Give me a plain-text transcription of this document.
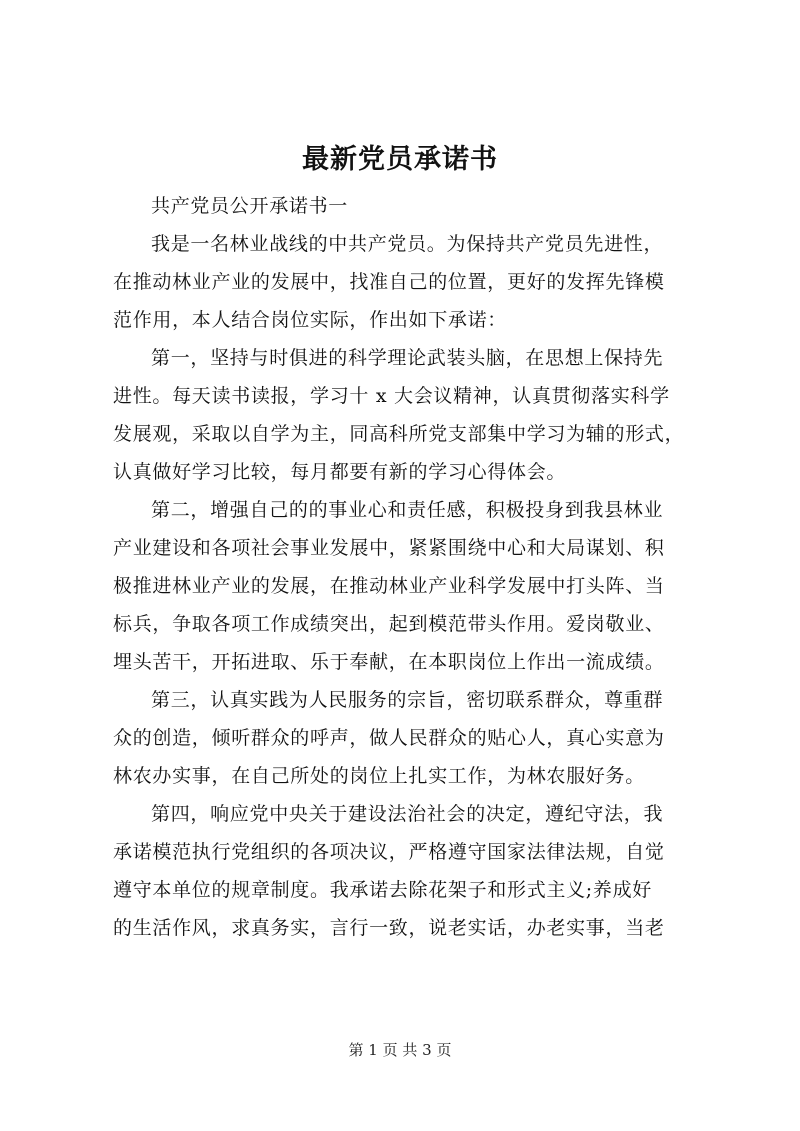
最新党员承诺书
共产党员公开承诺书一
我是一名林业战线的中共产党员。为保持共产党员先进性，
在推动林业产业的发展中，找准自己的位置，更好的发挥先锋模
范作用，本人结合岗位实际，作出如下承诺：
第一，坚持与时俱进的科学理论武装头脑，在思想上保持先
进性。每天读书读报，学习十 x 大会议精神，认真贯彻落实科学
发展观，采取以自学为主，同高科所党支部集中学习为辅的形式，
认真做好学习比较，每月都要有新的学习心得体会。
第二，增强自己的的事业心和责任感，积极投身到我县林业
产业建设和各项社会事业发展中，紧紧围绕中心和大局谋划、积
极推进林业产业的发展，在推动林业产业科学发展中打头阵、当
标兵，争取各项工作成绩突出，起到模范带头作用。爱岗敬业、
埋头苦干，开拓进取、乐于奉献，在本职岗位上作出一流成绩。
第三，认真实践为人民服务的宗旨，密切联系群众，尊重群
众的创造，倾听群众的呼声，做人民群众的贴心人，真心实意为
林农办实事，在自己所处的岗位上扎实工作，为林农服好务。
第四，响应党中央关于建设法治社会的决定，遵纪守法，我
承诺模范执行党组织的各项决议，严格遵守国家法律法规，自觉
遵守本单位的规章制度。我承诺去除花架子和形式主义;养成好
的生活作风，求真务实，言行一致，说老实话，办老实事，当老
第 1 页 共 3 页
